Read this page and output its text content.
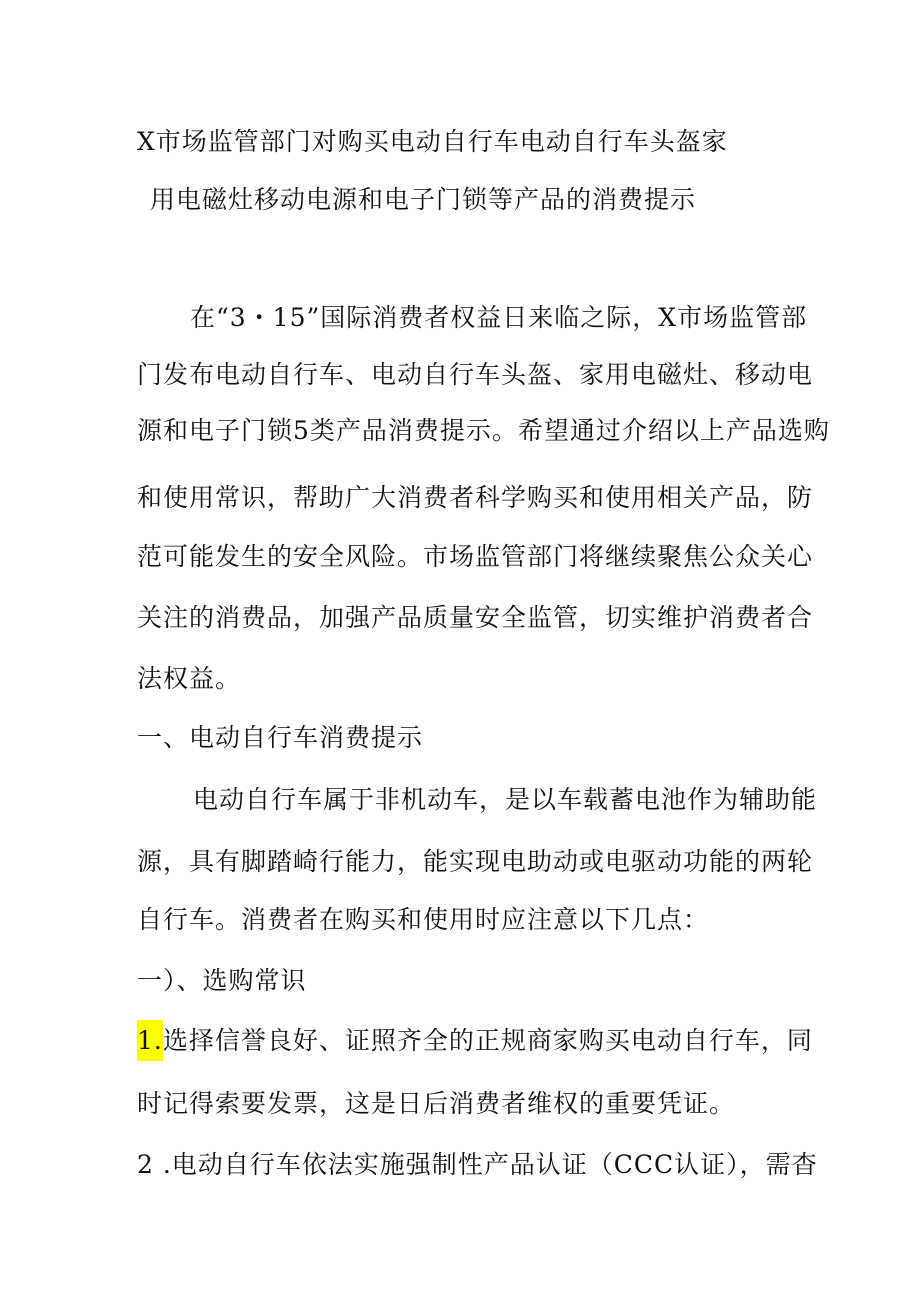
X市场监管部门对购买电动自行车电动自行车头盔家
用电磁灶移动电源和电子门锁等产品的消费提示
在“3・15”国际消费者权益日来临之际，X市场监管部
门发布电动自行车、电动自行车头盔、家用电磁灶、移动电
源和电子门锁5类产品消费提示。希望通过介绍以上产品选购
和使用常识，帮助广大消费者科学购买和使用相关产品，防
范可能发生的安全风险。市场监管部门将继续聚焦公众关心
关注的消费品，加强产品质量安全监管，切实维护消费者合
法权益。
一、电动自行车消费提示
电动自行车属于非机动车，是以车载蓄电池作为辅助能
源，具有脚踏崎行能力，能实现电助动或电驱动功能的两轮
自行车。消费者在购买和使用时应注意以下几点：
一）、选购常识
1.选择信誉良好、证照齐全的正规商家购买电动自行车，同
时记得索要发票，这是日后消费者维权的重要凭证。
2 .电动自行车依法实施强制性产品认证（CCC认证），需杳
